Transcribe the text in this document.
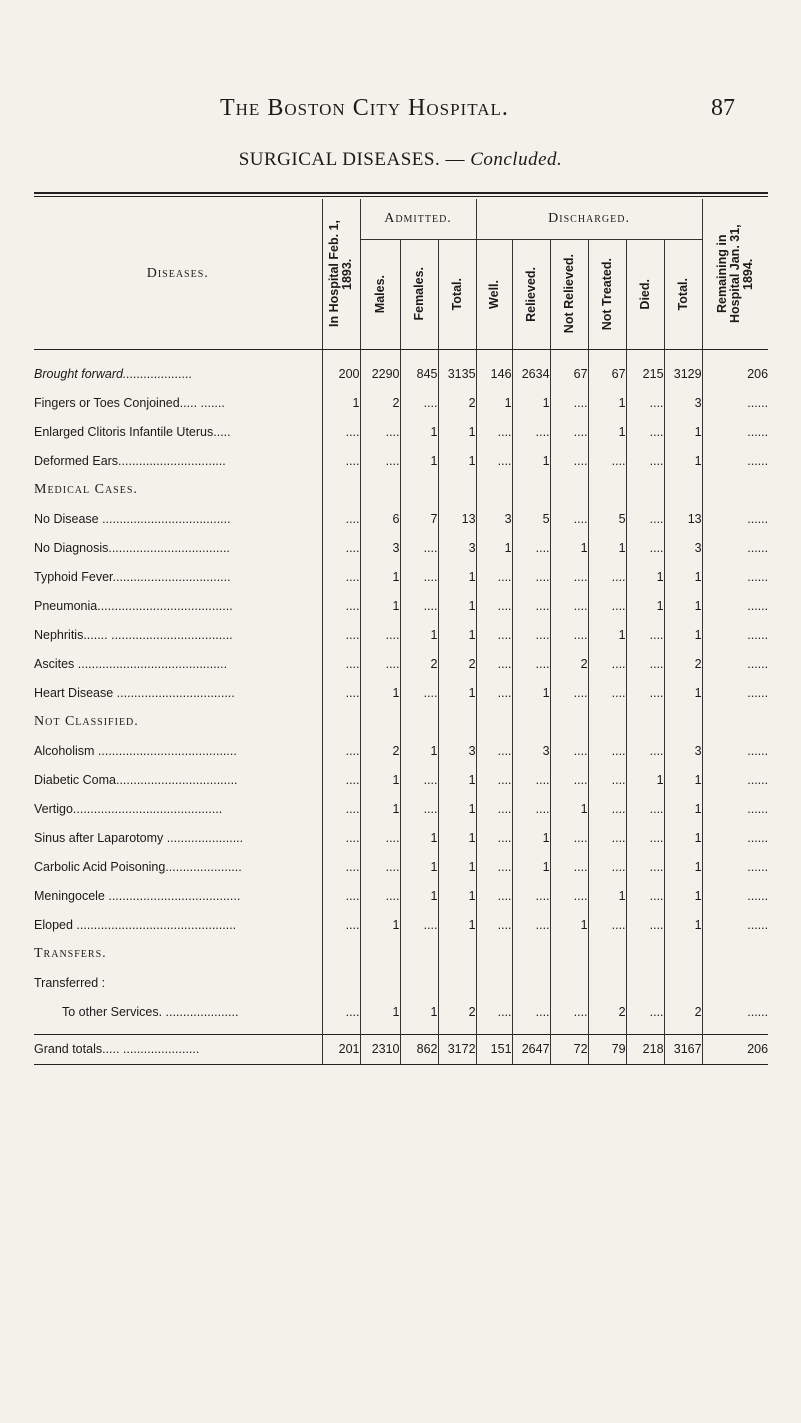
The Boston City Hospital.	87
SURGICAL DISEASES. — Concluded.
Diseases.	In Hospital Feb. 1, 1893.	Admitted.			Discharged.						Remaining in Hospital Jan. 31, 1894.

		Males.	Females.	Total.	Well.	Relieved.	Not Relieved.	Not Treated.	Died.	Total.	

Brought forward....................	200	2290	845	3135	146	2634	67	67	215	3129	206
Fingers or Toes Conjoined..... .......	1	2	....	2	1	1	....	1	....	3	......
Enlarged Clitoris Infantile Uterus.....	....	....	1	1	....	....	....	1	....	1	......
Deformed Ears...............................	....	....	1	1	....	1	....	....	....	1	......
Medical Cases.											
No Disease .....................................	....	6	7	13	3	5	....	5	....	13	......
No Diagnosis...................................	....	3	....	3	1	....	1	1	....	3	......
Typhoid Fever..................................	....	1	....	1	....	....	....	....	1	1	......
Pneumonia.......................................	....	1	....	1	....	....	....	....	1	1	......
Nephritis....... ...................................	....	....	1	1	....	....	....	1	....	1	......
Ascites ...........................................	....	....	2	2	....	....	2	....	....	2	......
Heart Disease ..................................	....	1	....	1	....	1	....	....	....	1	......
Not Classified.											
Alcoholism ........................................	....	2	1	3	....	3	....	....	....	3	......
Diabetic Coma...................................	....	1	....	1	....	....	....	....	1	1	......
Vertigo...........................................	....	1	....	1	....	....	1	....	....	1	......
Sinus after Laparotomy ......................	....	....	1	1	....	1	....	....	....	1	......
Carbolic Acid Poisoning......................	....	....	1	1	....	1	....	....	....	1	......
Meningocele ......................................	....	....	1	1	....	....	....	1	....	1	......
Eloped ..............................................	....	1	....	1	....	....	1	....	....	1	......
Transfers.											
Transferred :											
To other Services. .....................	....	1	1	2	....	....	....	2	....	2	......

Grand totals..... ......................	201	2310	862	3172	151	2647	72	79	218	3167	206
